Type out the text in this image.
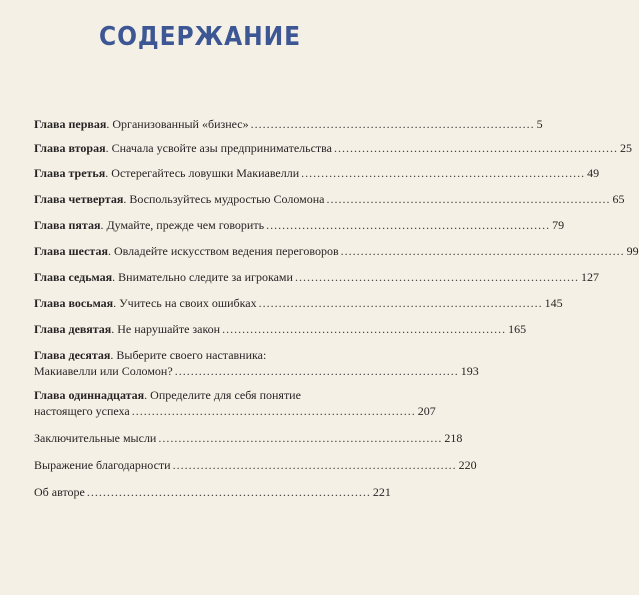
СОДЕРЖАНИЕ
Глава первая. Организованный «бизнес» ....................................................................... 5
Глава вторая. Сначала усвойте азы предпринимательства ....................................................................... 25
Глава третья. Остерегайтесь ловушки Макиавелли ....................................................................... 49
Глава четвертая. Воспользуйтесь мудростью Соломона ....................................................................... 65
Глава пятая. Думайте, прежде чем говорить ....................................................................... 79
Глава шестая. Овладейте искусством ведения переговоров ....................................................................... 99
Глава седьмая. Внимательно следите за игроками ....................................................................... 127
Глава восьмая. Учитесь на своих ошибках ....................................................................... 145
Глава девятая. Не нарушайте закон ....................................................................... 165
Глава десятая. Выберите своего наставника:
Макиавелли или Соломон? ....................................................................... 193
Глава одиннадцатая. Определите для себя понятие
настоящего успеха ....................................................................... 207
Заключительные мысли ....................................................................... 218
Выражение благодарности ....................................................................... 220
Об авторе ....................................................................... 221
